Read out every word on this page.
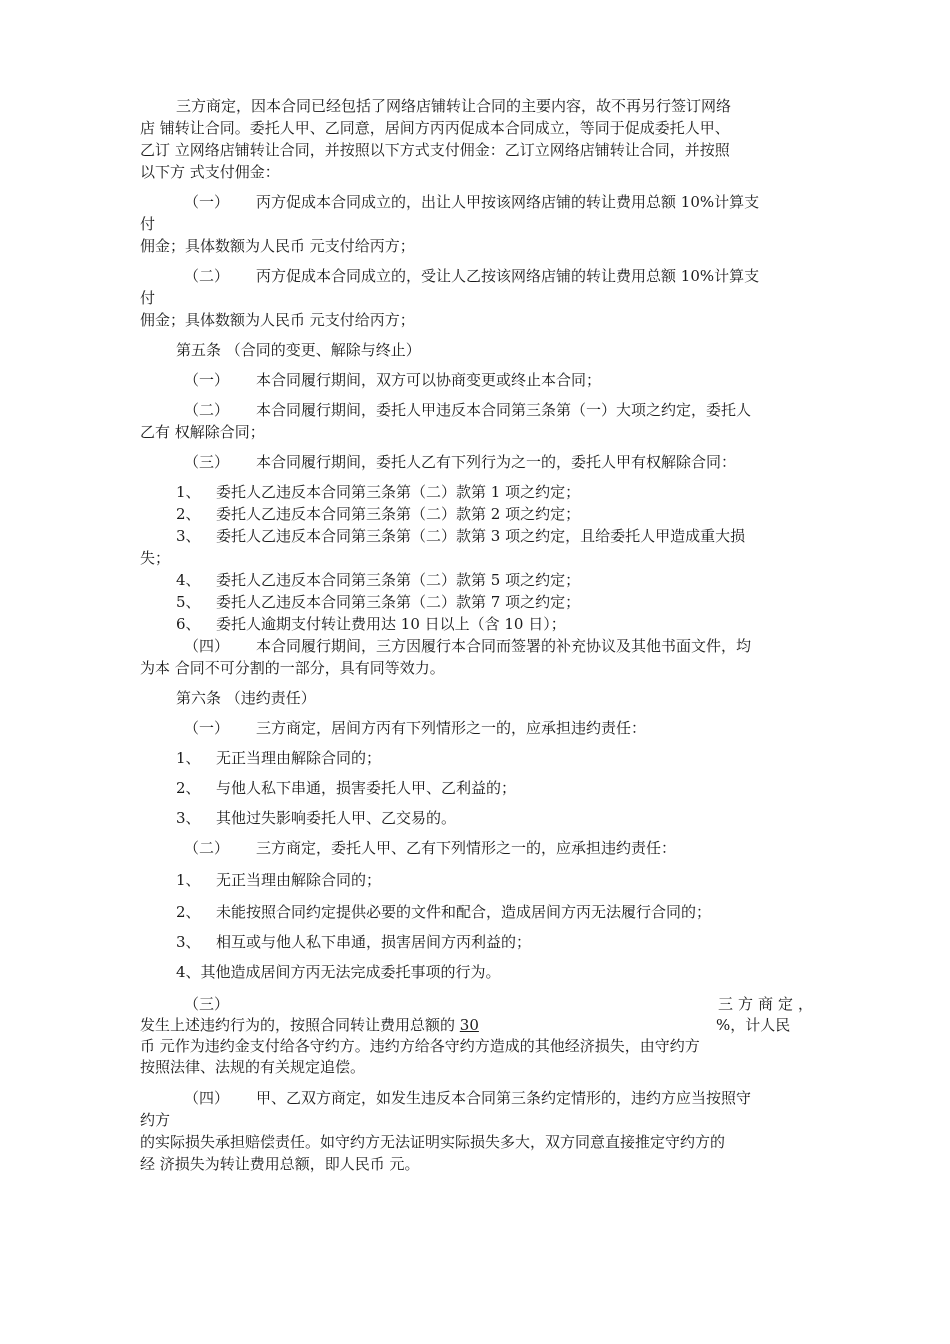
三方商定，因本合同已经包括了网络店铺转让合同的主要内容，故不再另行签订网络
店 铺转让合同。委托人甲、乙同意，居间方丙丙促成本合同成立，等同于促成委托人甲、
乙订 立网络店铺转让合同，并按照以下方式支付佣金：乙订立网络店铺转让合同，并按照
以下方 式支付佣金：
（一） 丙方促成本合同成立的，出让人甲按该网络店铺的转让费用总额 10%计算支
付
佣金；具体数额为人民币 元支付给丙方；
（二） 丙方促成本合同成立的，受让人乙按该网络店铺的转让费用总额 10%计算支
付
佣金；具体数额为人民币 元支付给丙方；
第五条 （合同的变更、解除与终止）
（一） 本合同履行期间，双方可以协商变更或终止本合同；
（二） 本合同履行期间，委托人甲违反本合同第三条第（一）大项之约定，委托人
乙有 权解除合同；
（三） 本合同履行期间，委托人乙有下列行为之一的，委托人甲有权解除合同：
1、 委托人乙违反本合同第三条第（二）款第 1 项之约定；
2、 委托人乙违反本合同第三条第（二）款第 2 项之约定；
3、 委托人乙违反本合同第三条第（二）款第 3 项之约定，且给委托人甲造成重大损
失；
4、 委托人乙违反本合同第三条第（二）款第 5 项之约定；
5、 委托人乙违反本合同第三条第（二）款第 7 项之约定；
6、 委托人逾期支付转让费用达 10 日以上（含 10 日）；
（四） 本合同履行期间，三方因履行本合同而签署的补充协议及其他书面文件，均
为本 合同不可分割的一部分，具有同等效力。
第六条 （违约责任）
（一） 三方商定，居间方丙有下列情形之一的，应承担违约责任：
1、 无正当理由解除合同的；
2、 与他人私下串通，损害委托人甲、乙利益的；
3、 其他过失影响委托人甲、乙交易的。
（二） 三方商定，委托人甲、乙有下列情形之一的，应承担违约责任：
1、 无正当理由解除合同的；
2、 未能按照合同约定提供必要的文件和配合，造成居间方丙无法履行合同的；
3、 相互或与他人私下串通，损害居间方丙利益的；
4、其他造成居间方丙无法完成委托事项的行为。
（三）	三方商定，
发生上述违约行为的，按照合同转让费用总额的 30	%，计人民
币 元作为违约金支付给各守约方。违约方给各守约方造成的其他经济损失，由守约方
按照法律、法规的有关规定追偿。
（四） 甲、乙双方商定，如发生违反本合同第三条约定情形的，违约方应当按照守
约方
的实际损失承担赔偿责任。如守约方无法证明实际损失多大，双方同意直接推定守约方的
经 济损失为转让费用总额，即人民币 元。
